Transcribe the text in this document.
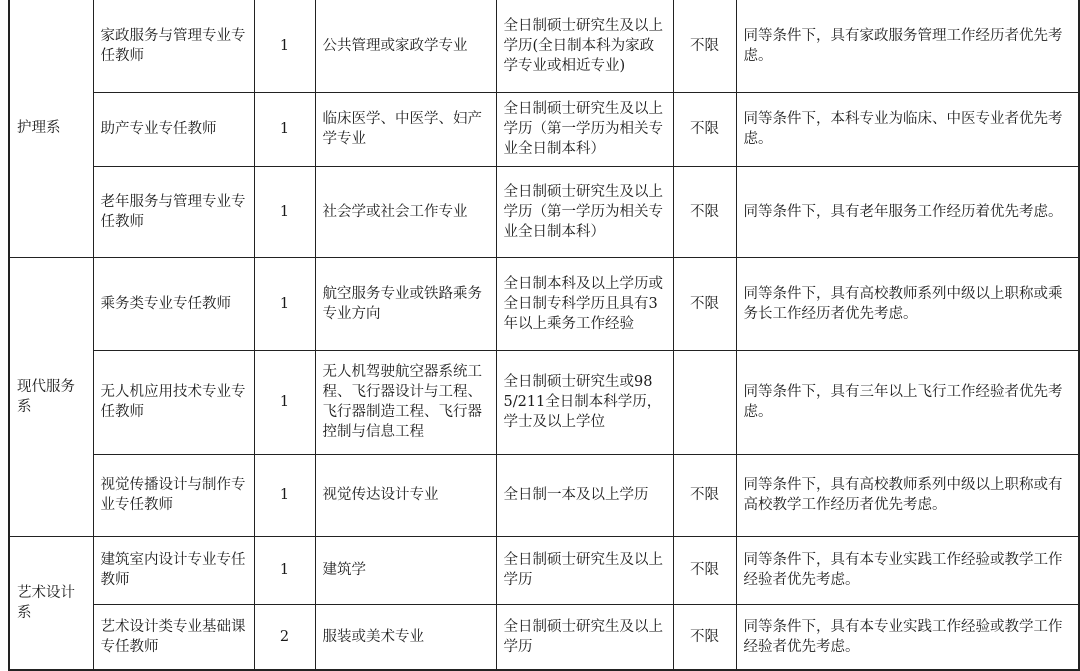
护理系	家政服务与管理专业专任教师	1	公共管理或家政学专业	全日制硕士研究生及以上学历(全日制本科为家政学专业或相近专业)	不限	同等条件下，具有家政服务管理工作经历者优先考虑。
	助产专业专任教师	1	临床医学、中医学、妇产学专业	全日制硕士研究生及以上学历（第一学历为相关专业全日制本科）	不限	同等条件下，本科专业为临床、中医专业者优先考虑。
	老年服务与管理专业专任教师	1	社会学或社会工作专业	全日制硕士研究生及以上学历（第一学历为相关专业全日制本科）	不限	同等条件下，具有老年服务工作经历着优先考虑。
现代服务系	乘务类专业专任教师	1	航空服务专业或铁路乘务专业方向	全日制本科及以上学历或全日制专科学历且具有3年以上乘务工作经验	不限	同等条件下，具有高校教师系列中级以上职称或乘务长工作经历者优先考虑。
	无人机应用技术专业专任教师	1	无人机驾驶航空器系统工程、飞行器设计与工程、飞行器制造工程、飞行器控制与信息工程	全日制硕士研究生或985/211全日制本科学历，学士及以上学位		同等条件下，具有三年以上飞行工作经验者优先考虑。
	视觉传播设计与制作专业专任教师	1	视觉传达设计专业	全日制一本及以上学历	不限	同等条件下，具有高校教师系列中级以上职称或有高校教学工作经历者优先考虑。
艺术设计系	建筑室内设计专业专任教师	1	建筑学	全日制硕士研究生及以上学历	不限	同等条件下，具有本专业实践工作经验或教学工作经验者优先考虑。
	艺术设计类专业基础课专任教师	2	服装或美术专业	全日制硕士研究生及以上学历	不限	同等条件下，具有本专业实践工作经验或教学工作经验者优先考虑。
